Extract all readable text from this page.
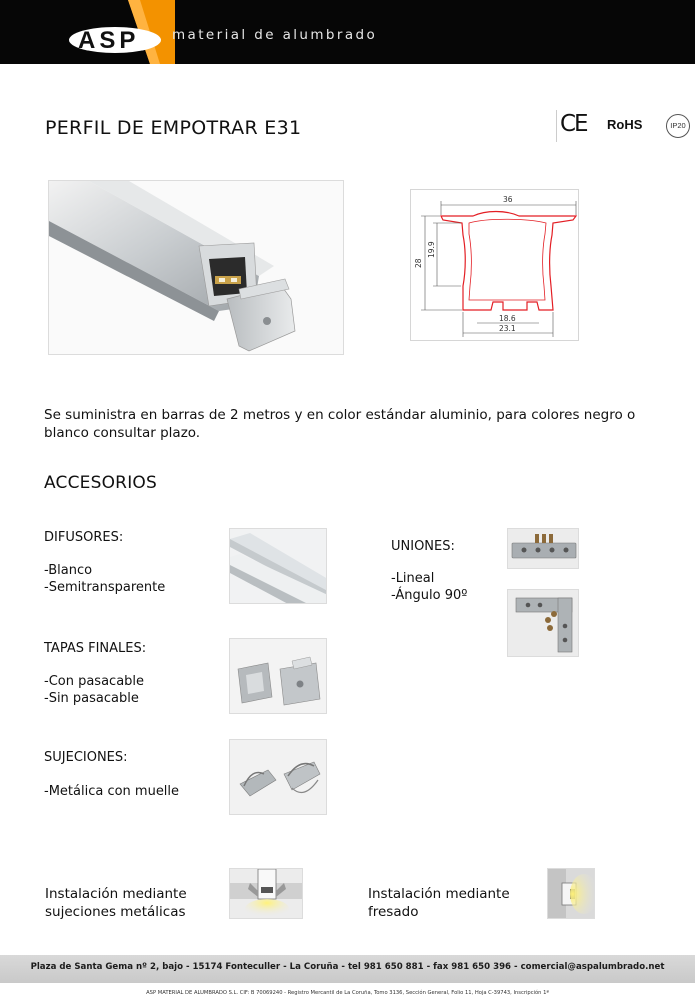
ASP material de alumbrado
PERFIL DE EMPOTRAR E31	CE RoHS	IP20
36
28
19.9
18.6
23.1
Se suministra en barras de 2 metros y en color estándar aluminio, para colores negro o blanco consultar plazo.
ACCESORIOS
DIFUSORES:
-Blanco
-Semitransparente
UNIONES:
-Lineal
-Ángulo 90º
TAPAS FINALES:
-Con pasacable
-Sin pasacable
SUJECIONES:
-Metálica con muelle
Instalación mediante
sujeciones metálicas
Instalación mediante
fresado
Plaza de Santa Gema nº 2, bajo - 15174 Fonteculler - La Coruña - tel 981 650 881 - fax 981 650 396 - comercial@aspalumbrado.net
ASP MATERIAL DE ALUMBRADO S.L. CIF: B 70069240 - Registro Mercantil de La Coruña, Tomo 3136, Sección General, Folio 11, Hoja C-39743, Inscripción 1ª
